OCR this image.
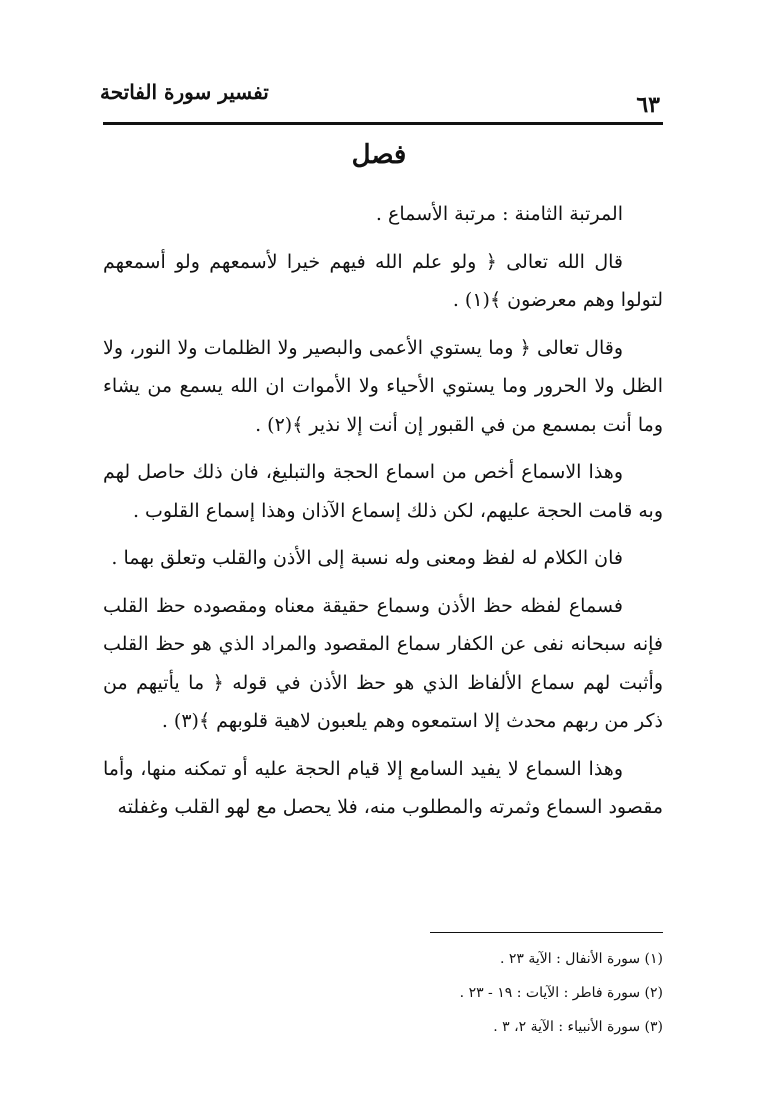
تفسير سورة الفاتحة	٦٣
فصل

المرتبة الثامنة : مرتبة الأسماع .

قال الله تعالى ﴿ ولو علم الله فيهم خيرا لأسمعهم ولو أسمعهم لتولوا وهم معرضون ﴾(١) .

وقال تعالى ﴿ وما يستوي الأعمى والبصير ولا الظلمات ولا النور، ولا الظل ولا الحرور وما يستوي الأحياء ولا الأموات ان الله يسمع من يشاء وما أنت بمسمع من في القبور إن أنت إلا نذير ﴾(٢) .

وهذا الاسماع أخص من اسماع الحجة والتبليغ، فان ذلك حاصل لهم وبه قامت الحجة عليهم، لكن ذلك إسماع الآذان وهذا إسماع القلوب .

فان الكلام له لفظ ومعنى وله نسبة إلى الأذن والقلب وتعلق بهما .

فسماع لفظه حظ الأذن وسماع حقيقة معناه ومقصوده حظ القلب فإنه سبحانه نفى عن الكفار سماع المقصود والمراد الذي هو حظ القلب وأثبت لهم سماع الألفاظ الذي هو حظ الأذن في قوله ﴿ ما يأتيهم من ذكر من ربهم محدث إلا استمعوه وهم يلعبون لاهية قلوبهم ﴾(٣) .

وهذا السماع لا يفيد السامع إلا قيام الحجة عليه أو تمكنه منها، وأما مقصود السماع وثمرته والمطلوب منه، فلا يحصل مع لهو القلب وغفلته

(١) سورة الأنفال : الآية ٢٣ .
(٢) سورة فاطر : الآيات : ١٩ - ٢٣ .
(٣) سورة الأنبياء : الآية ٢، ٣ .
